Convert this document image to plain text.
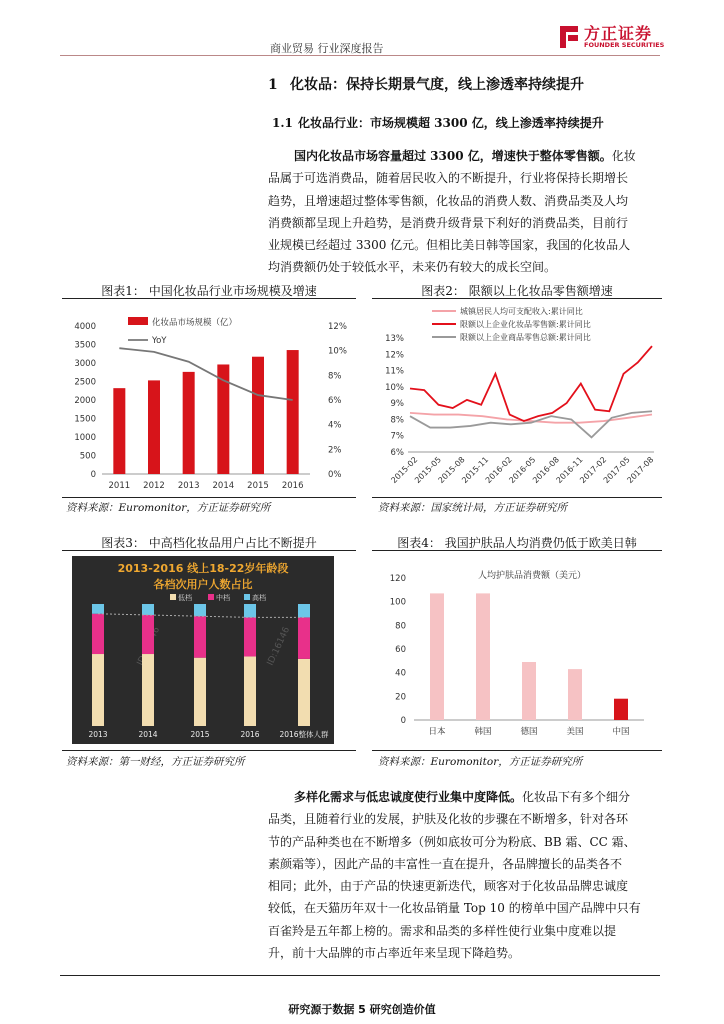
商业贸易 行业深度报告
方正证券
FOUNDER SECURITIES
1 化妆品：保持长期景气度，线上渗透率持续提升
1.1 化妆品行业：市场规模超 3300 亿，线上渗透率持续提升
国内化妆品市场容量超过 3300 亿，增速快于整体零售额。化妆
品属于可选消费品，随着居民收入的不断提升，行业将保持长期增长
趋势，且增速超过整体零售额，化妆品的消费人数、消费品类及人均
消费额都呈现上升趋势，是消费升级背景下利好的消费品类，目前行
业规模已经超过 3300 亿元。但相比美日韩等国家，我国的化妆品人
均消费额仍处于较低水平，未来仍有较大的成长空间。
图表1： 中国化妆品行业市场规模及增速	图表2： 限额以上化妆品零售额增速
0
500
1000
1500
2000
2500
3000
3500
4000
0%
2%
4%
6%
8%
10%
12%
2011 2012 2013 2014 2015 2016
化妆品市场规模（亿）
YoY
6%
7%
8%
9%
10%
11%
12%
13%
2015-02
2015-05
2015-08
2015-11
2016-02
2016-05
2016-08
2016-11
2017-02
2017-05
2017-08
城镇居民人均可支配收入:累计同比
限额以上企业化妆品零售额:累计同比
限额以上企业商品零售总额:累计同比
资料来源：Euromonitor，方正证券研究所	资料来源：国家统计局，方正证券研究所
图表3： 中高档化妆品用户占比不断提升	图表4： 我国护肤品人均消费仍低于欧美日韩
2013-2016 线上18-22岁年龄段
各档次用户人数占比
低档	中档	高档
ID:16146
2013	2014	2015	2016	2016整体人群
0
20
40
60
80
100
120	人均护肤品消费额（美元）
日本	韩国	德国	美国	中国
资料来源：第一财经，方正证券研究所	资料来源：Euromonitor，方正证券研究所
多样化需求与低忠诚度使行业集中度降低。化妆品下有多个细分
品类，且随着行业的发展，护肤及化妆的步骤在不断增多，针对各环
节的产品种类也在不断增多（例如底妆可分为粉底、BB 霜、CC 霜、
素颜霜等），因此产品的丰富性一直在提升，各品牌擅长的品类各不
相同；此外，由于产品的快速更新迭代，顾客对于化妆品品牌忠诚度
较低，在天猫历年双十一化妆品销量 Top 10 的榜单中国产品牌中只有
百雀羚是五年都上榜的。需求和品类的多样性使行业集中度难以提
升，前十大品牌的市占率近年来呈现下降趋势。
研究源于数据 5 研究创造价值
